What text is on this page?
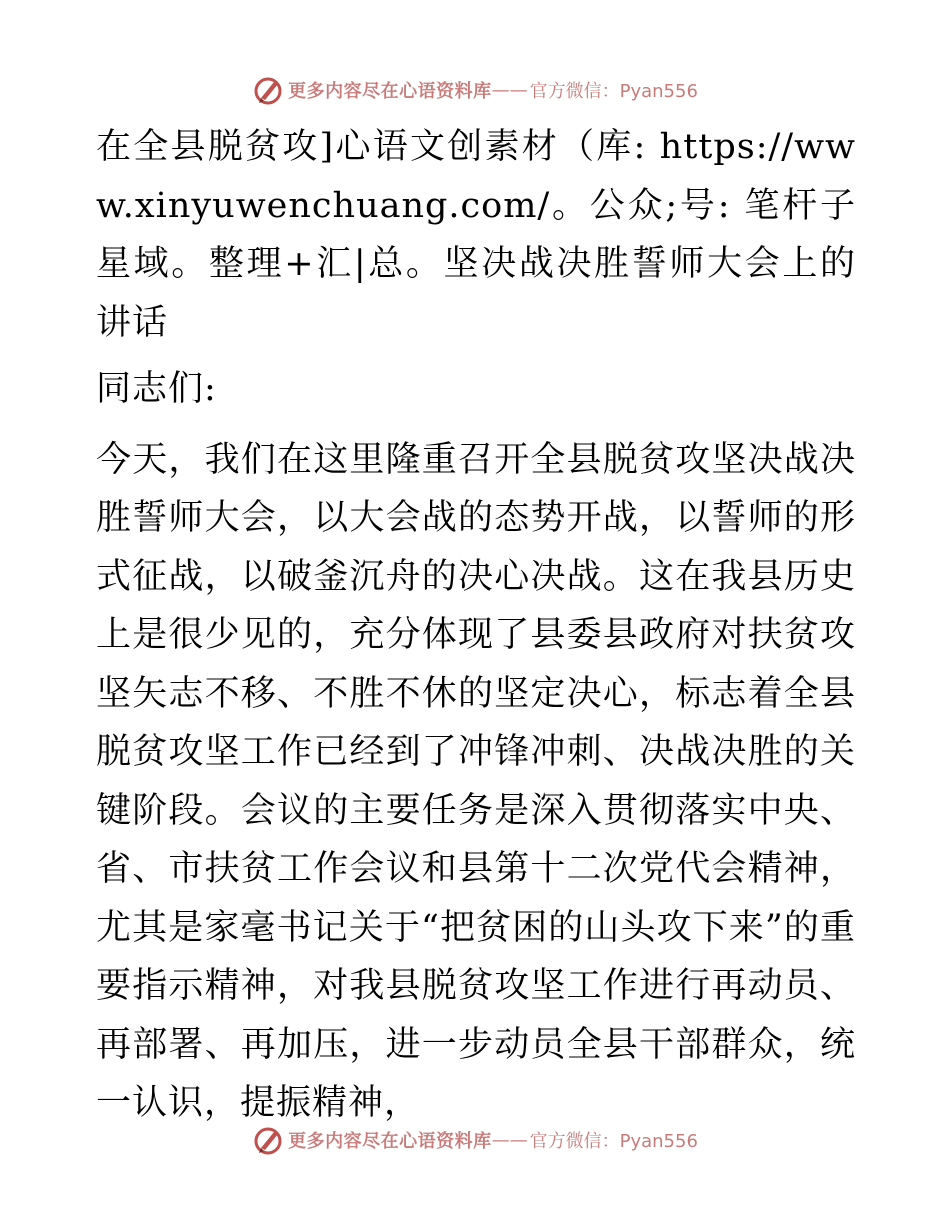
更多内容尽在心语资料库 —— 官方微信：Pyan556

在全县脱贫攻]心语文创素材（库: https://www.xinyuwenchuang.com/。公众;号: 笔杆子星域。整理+汇|总。坚决战决胜誓师大会上的讲话

同志们:

今天，我们在这里隆重召开全县脱贫攻坚决战决胜誓师大会，以大会战的态势开战，以誓师的形式征战，以破釜沉舟的决心决战。这在我县历史上是很少见的，充分体现了县委县政府对扶贫攻坚矢志不移、不胜不休的坚定决心，标志着全县脱贫攻坚工作已经到了冲锋冲刺、决战决胜的关键阶段。会议的主要任务是深入贯彻落实中央、省、市扶贫工作会议和县第十二次党代会精神，尤其是家毫书记关于“把贫困的山头攻下来”的重要指示精神，对我县脱贫攻坚工作进行再动员、再部署、再加压，进一步动员全县干部群众，统一认识，提振精神，

更多内容尽在心语资料库 —— 官方微信：Pyan556
